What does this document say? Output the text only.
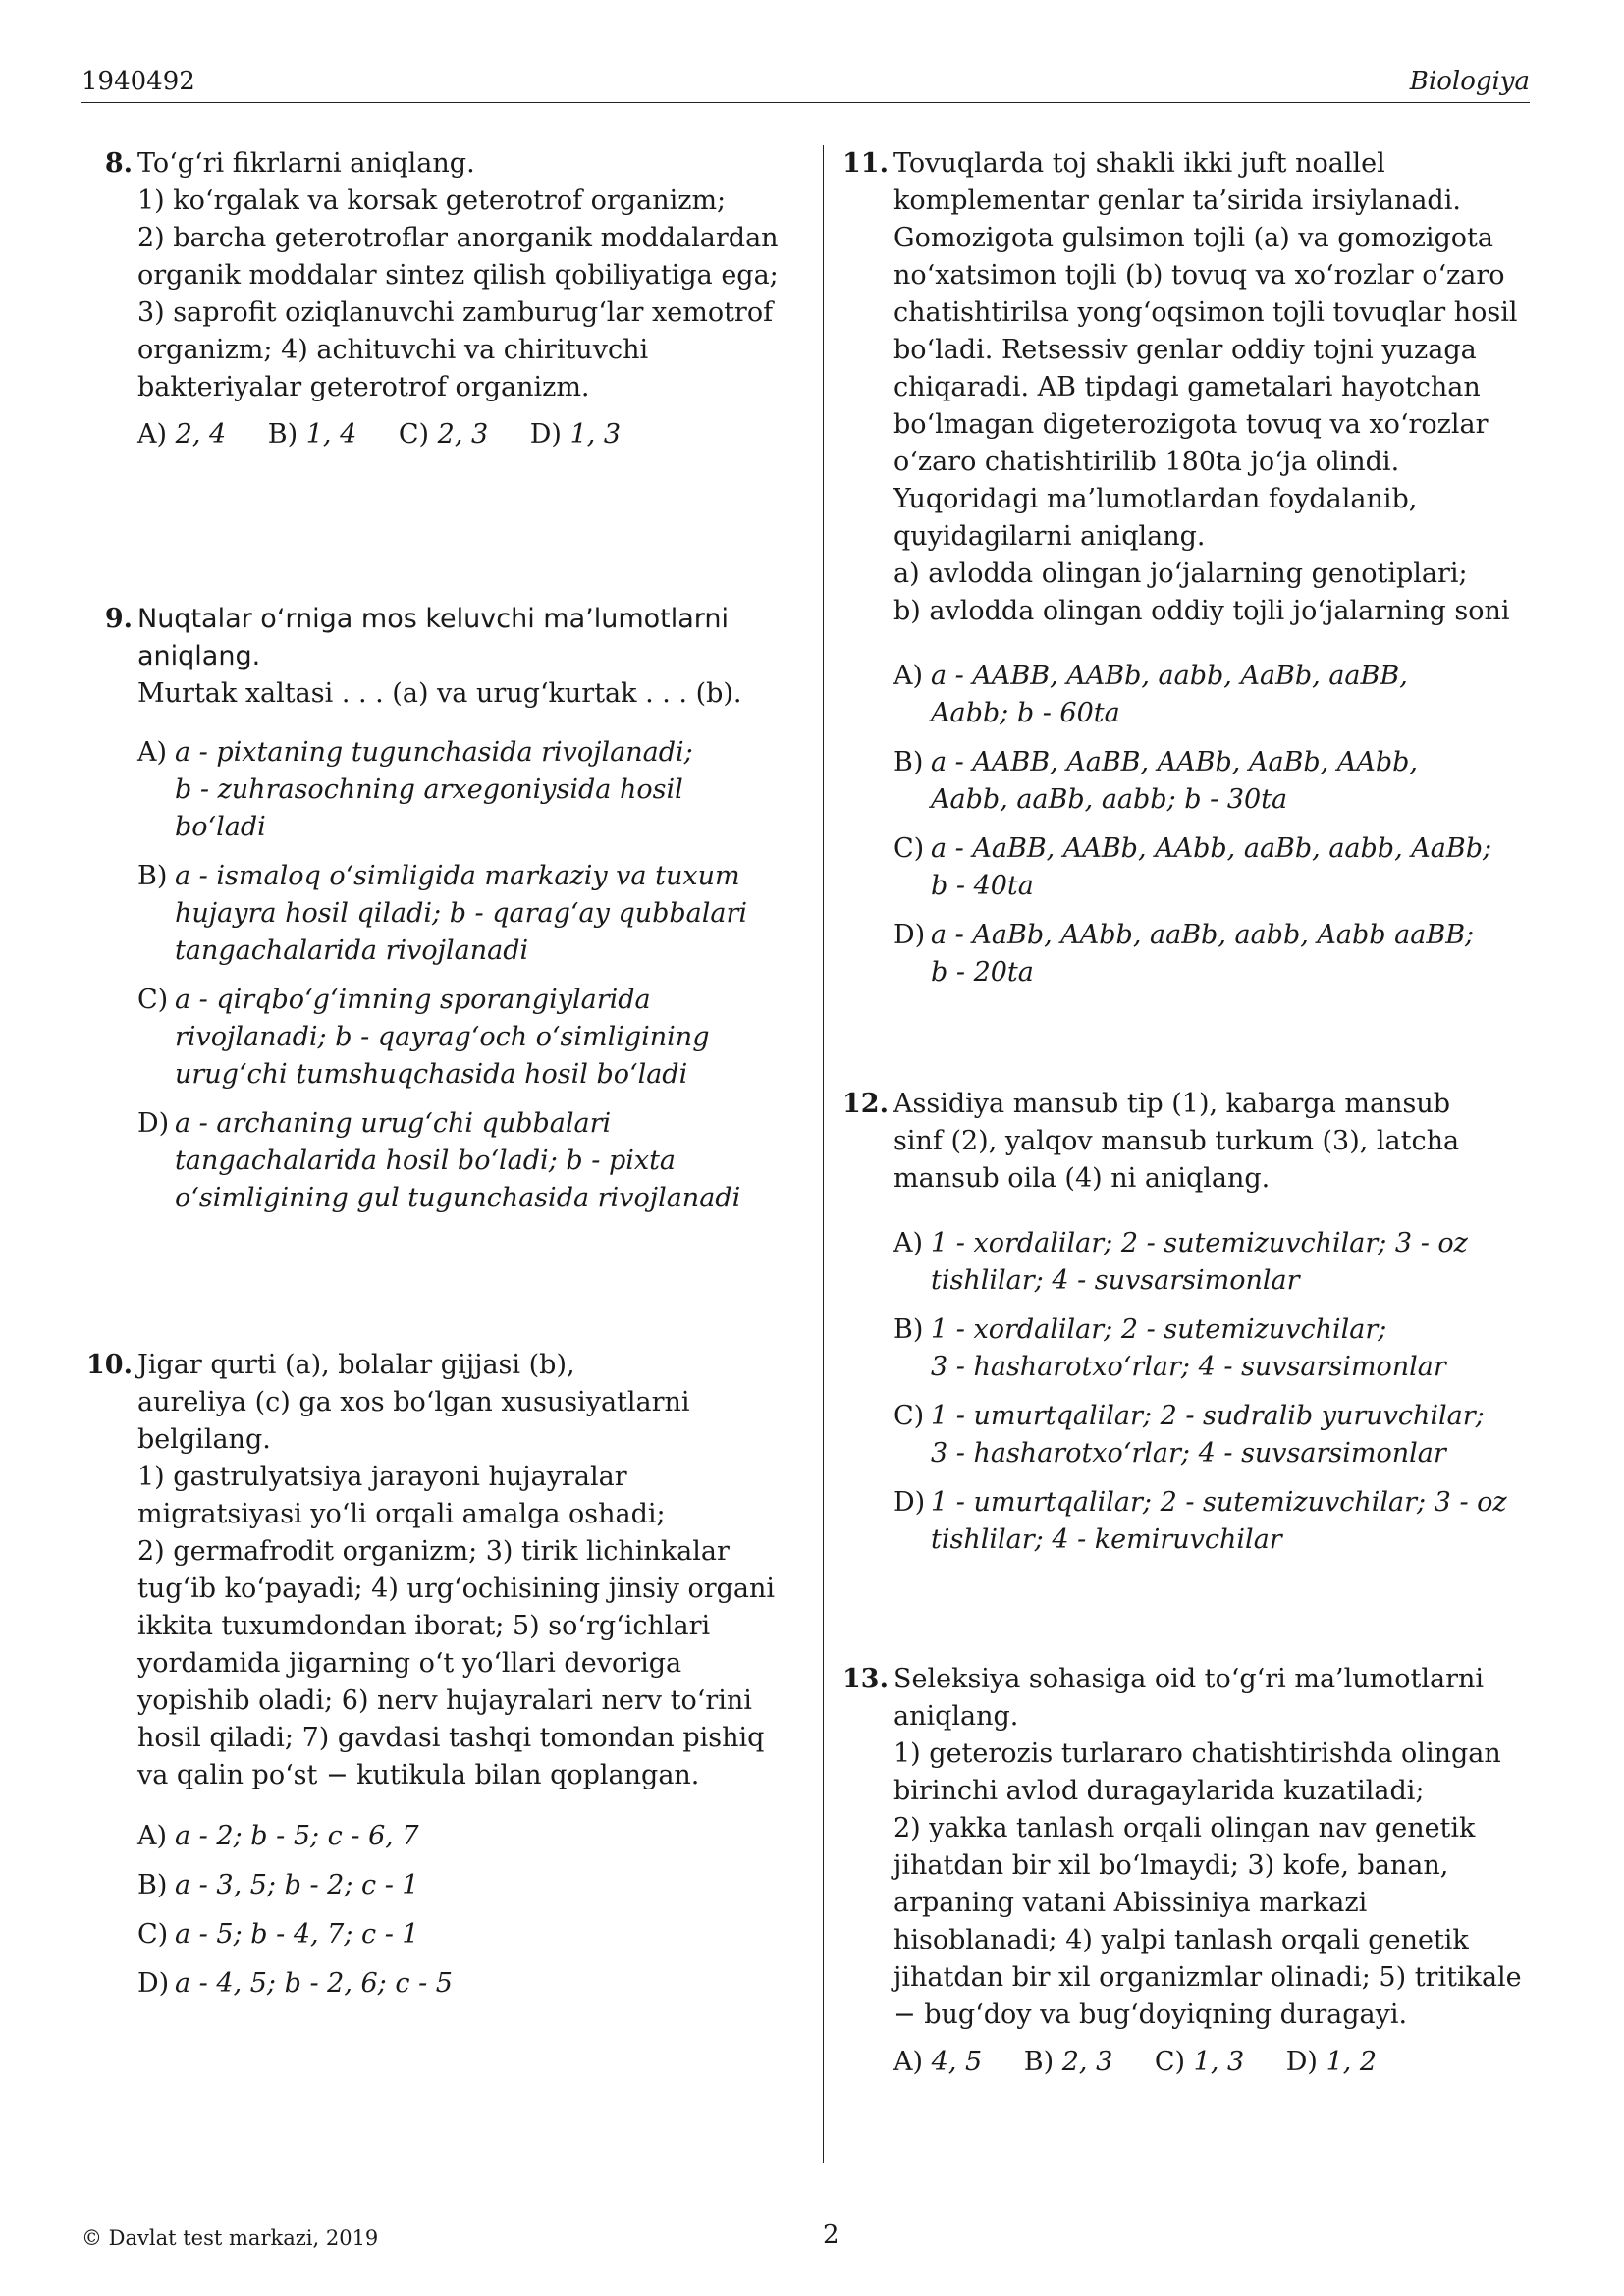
1940492	Biologiya
8. To‘g‘ri fikrlarni aniqlang.
1) ko‘rgalak va korsak geterotrof organizm;
2) barcha geterotroflar anorganik moddalardan
organik moddalar sintez qilish qobiliyatiga ega;
3) saprofit oziqlanuvchi zamburug‘lar xemotrof
organizm; 4) achituvchi va chirituvchi
bakteriyalar geterotrof organizm.
A) 2, 4 B) 1, 4 C) 2, 3 D) 1, 3
9. Nuqtalar o‘rniga mos keluvchi ma’lumotlarni
aniqlang.
Murtak xaltasi . . . (a) va urug‘kurtak . . . (b).
A) a - pixtaning tugunchasida rivojlanadi;
b - zuhrasochning arxegoniysida hosil bo‘ladi
B) a - ismaloq o‘simligida markaziy va tuxum
hujayra hosil qiladi; b - qarag‘ay qubbalari
tangachalarida rivojlanadi
C) a - qirqbo‘g‘imning sporangiylarida
rivojlanadi; b - qayrag‘och o‘simligining
urug‘chi tumshuqchasida hosil bo‘ladi
D) a - archaning urug‘chi qubbalari
tangachalarida hosil bo‘ladi; b - pixta
o‘simligining gul tugunchasida rivojlanadi
10. Jigar qurti (a), bolalar gijjasi (b),
aureliya (c) ga xos bo‘lgan xususiyatlarni
belgilang.
1) gastrulyatsiya jarayoni hujayralar
migratsiyasi yo‘li orqali amalga oshadi;
2) germafrodit organizm; 3) tirik lichinkalar
tug‘ib ko‘payadi; 4) urg‘ochisining jinsiy organi
ikkita tuxumdondan iborat; 5) so‘rg‘ichlari
yordamida jigarning o‘t yo‘llari devoriga
yopishib oladi; 6) nerv hujayralari nerv to‘rini
hosil qiladi; 7) gavdasi tashqi tomondan pishiq
va qalin po‘st − kutikula bilan qoplangan.
A) a - 2; b - 5; c - 6, 7
B) a - 3, 5; b - 2; c - 1
C) a - 5; b - 4, 7; c - 1
D) a - 4, 5; b - 2, 6; c - 5
11. Tovuqlarda toj shakli ikki juft noallel
komplementar genlar ta’sirida irsiylanadi.
Gomozigota gulsimon tojli (a) va gomozigota
no‘xatsimon tojli (b) tovuq va xo‘rozlar o‘zaro
chatishtirilsa yong‘oqsimon tojli tovuqlar hosil
bo‘ladi. Retsessiv genlar oddiy tojni yuzaga
chiqaradi. AB tipdagi gametalari hayotchan
bo‘lmagan digeterozigota tovuq va xo‘rozlar
o‘zaro chatishtirilib 180ta jo‘ja olindi.
Yuqoridagi ma’lumotlardan foydalanib,
quyidagilarni aniqlang.
a) avlodda olingan jo‘jalarning genotiplari;
b) avlodda olingan oddiy tojli jo‘jalarning soni
A) a - AABB, AABb, aabb, AaBb, aaBB,
Aabb; b - 60ta
B) a - AABB, AaBB, AABb, AaBb, AAbb,
Aabb, aaBb, aabb; b - 30ta
C) a - AaBB, AABb, AAbb, aaBb, aabb, AaBb;
b - 40ta
D) a - AaBb, AAbb, aaBb, aabb, Aabb aaBB;
b - 20ta
12. Assidiya mansub tip (1), kabarga mansub
sinf (2), yalqov mansub turkum (3), latcha
mansub oila (4) ni aniqlang.
A) 1 - xordalilar; 2 - sutemizuvchilar; 3 - oz
tishlilar; 4 - suvsarsimonlar
B) 1 - xordalilar; 2 - sutemizuvchilar;
3 - hasharotxo‘rlar; 4 - suvsarsimonlar
C) 1 - umurtqalilar; 2 - sudralib yuruvchilar;
3 - hasharotxo‘rlar; 4 - suvsarsimonlar
D) 1 - umurtqalilar; 2 - sutemizuvchilar; 3 - oz
tishlilar; 4 - kemiruvchilar
13. Seleksiya sohasiga oid to‘g‘ri ma’lumotlarni
aniqlang.
1) geterozis turlararo chatishtirishda olingan
birinchi avlod duragaylarida kuzatiladi;
2) yakka tanlash orqali olingan nav genetik
jihatdan bir xil bo‘lmaydi; 3) kofe, banan,
arpaning vatani Abissiniya markazi
hisoblanadi; 4) yalpi tanlash orqali genetik
jihatdan bir xil organizmlar olinadi; 5) tritikale
− bug‘doy va bug‘doyiqning duragayi.
A) 4, 5 B) 2, 3 C) 1, 3 D) 1, 2
© Davlat test markazi, 2019	2
